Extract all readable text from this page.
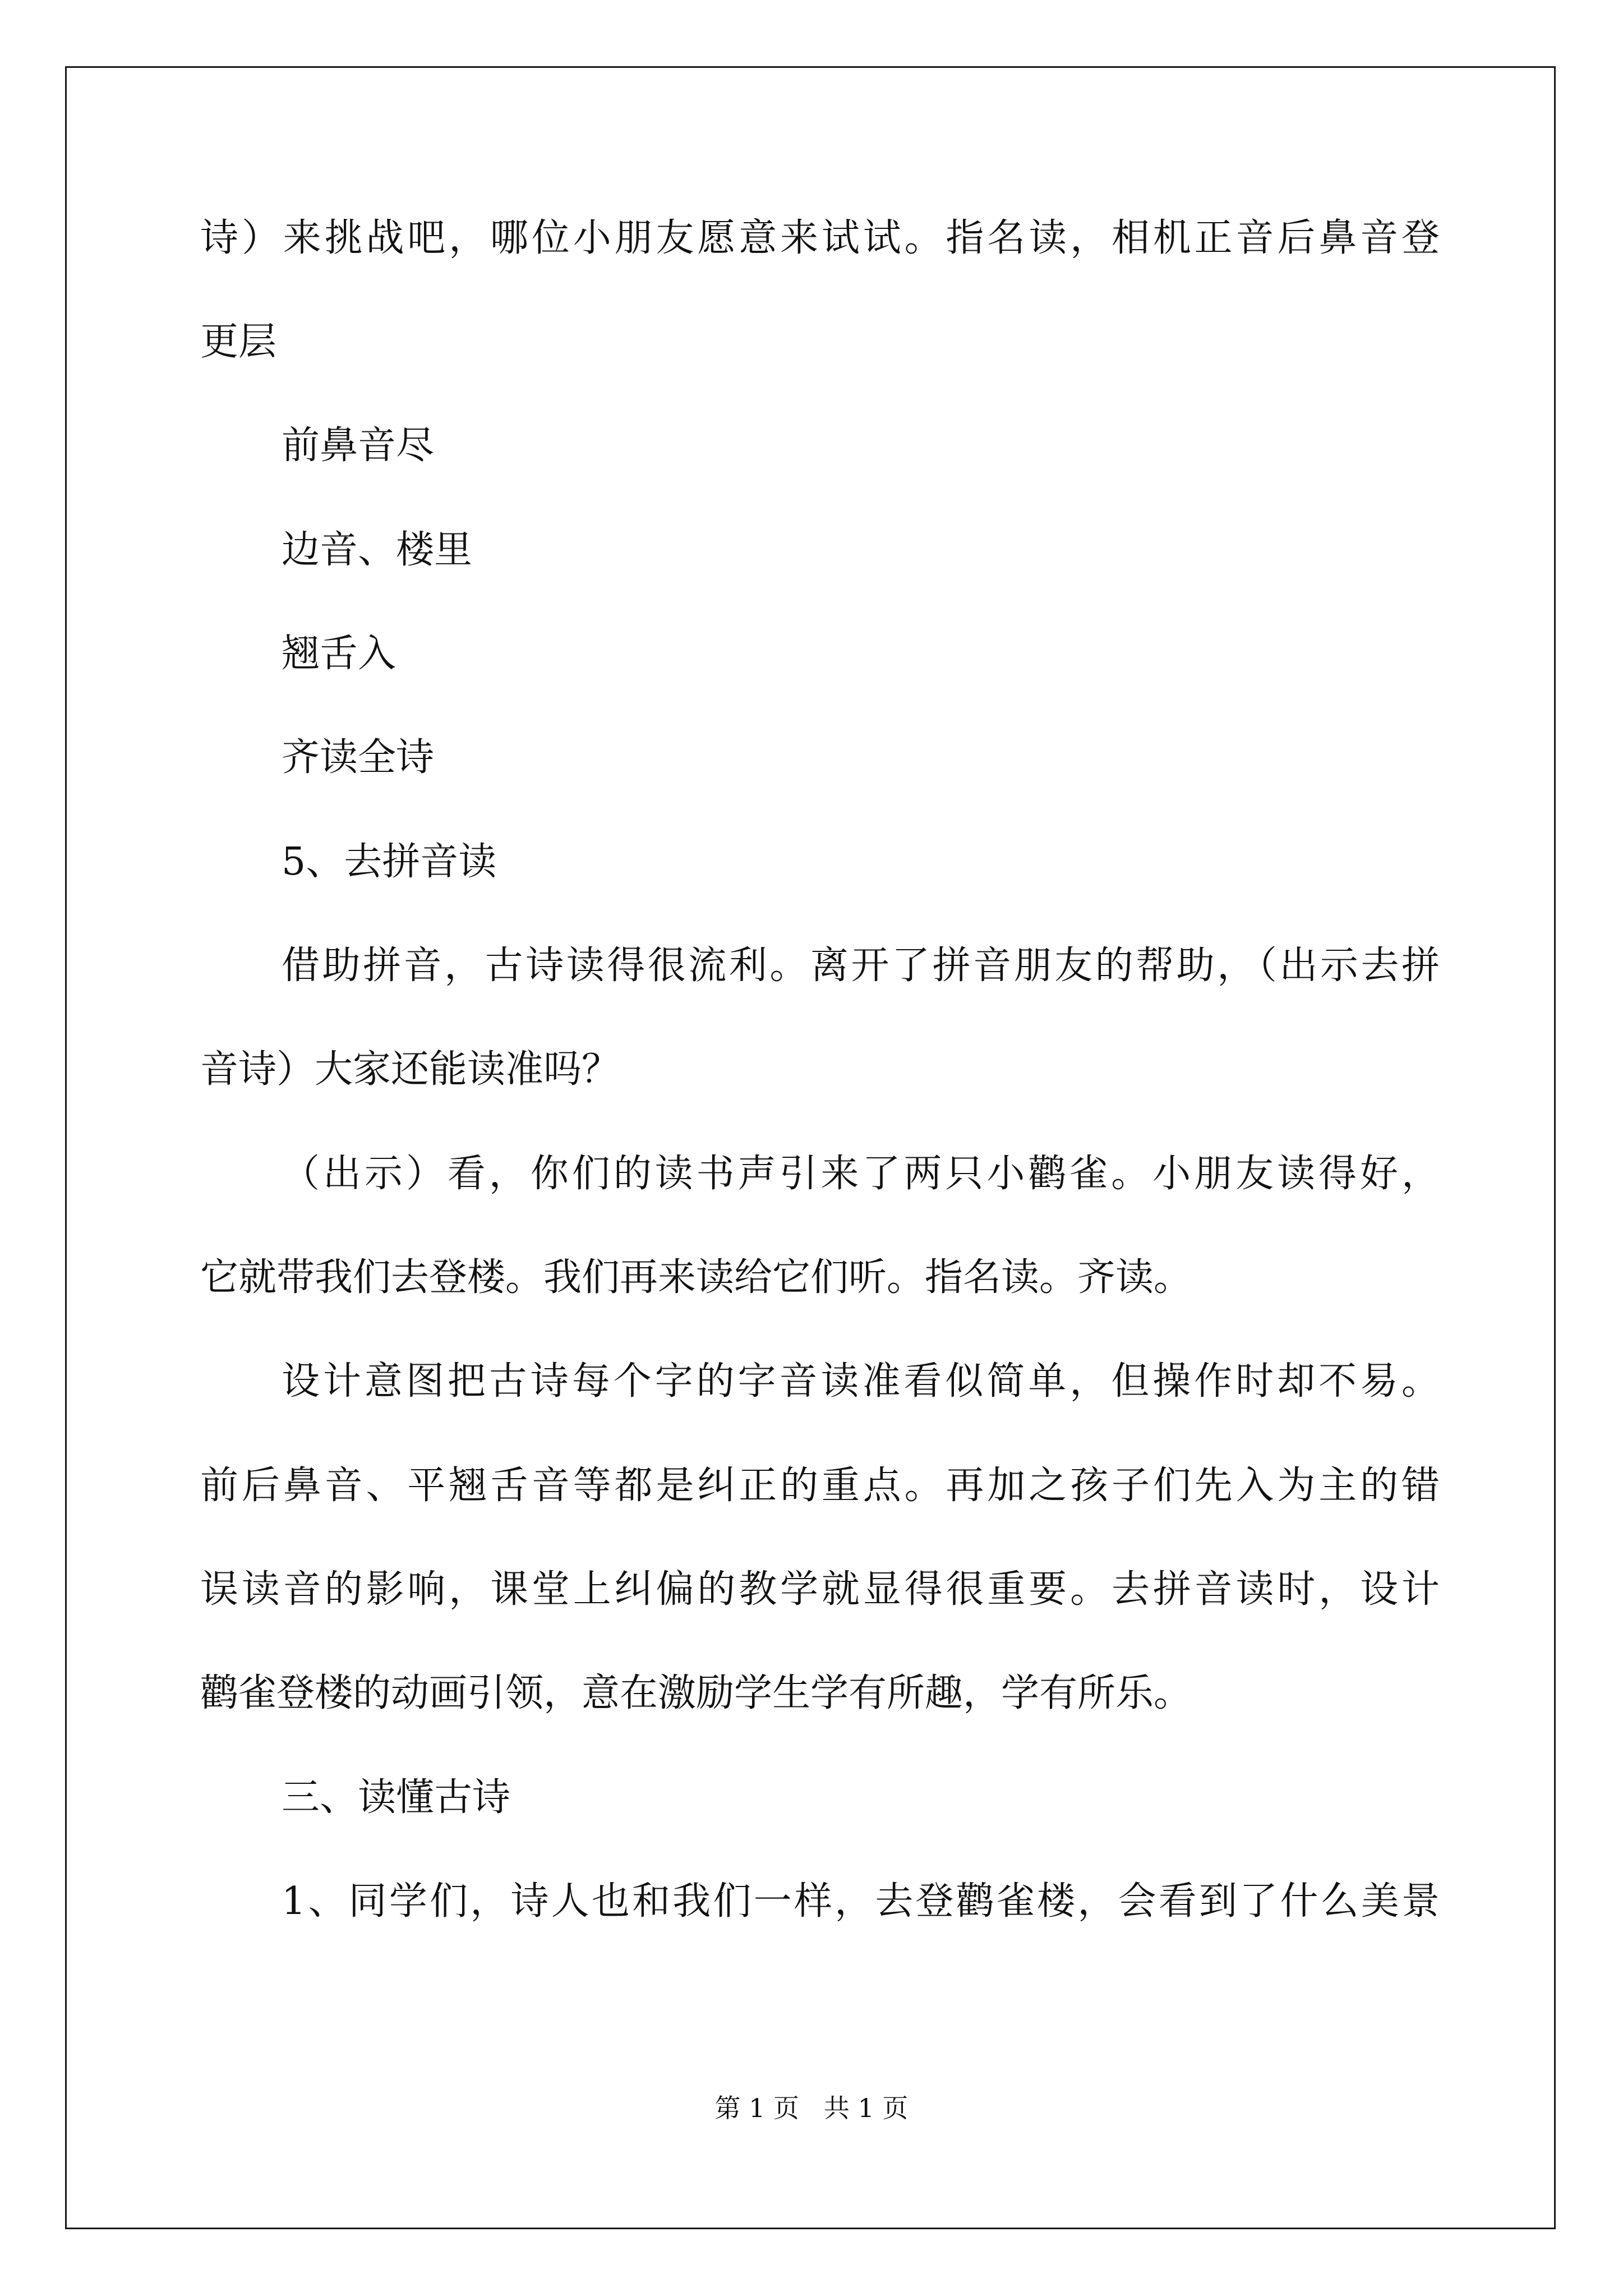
诗）来挑战吧，哪位小朋友愿意来试试。指名读，相机正音后鼻音登
更层
前鼻音尽
边音、楼里
翘舌入
齐读全诗
5、去拼音读
借助拼音，古诗读得很流利。离开了拼音朋友的帮助，（出示去拼
音诗）大家还能读准吗？
（出示）看，你们的读书声引来了两只小鹳雀。小朋友读得好，
它就带我们去登楼。我们再来读给它们听。指名读。齐读。
设计意图把古诗每个字的字音读准看似简单，但操作时却不易。
前后鼻音、平翘舌音等都是纠正的重点。再加之孩子们先入为主的错
误读音的影响，课堂上纠偏的教学就显得很重要。去拼音读时，设计
鹳雀登楼的动画引领，意在激励学生学有所趣，学有所乐。
三、读懂古诗
1、同学们，诗人也和我们一样，去登鹳雀楼，会看到了什么美景
第 1 页   共 1 页
